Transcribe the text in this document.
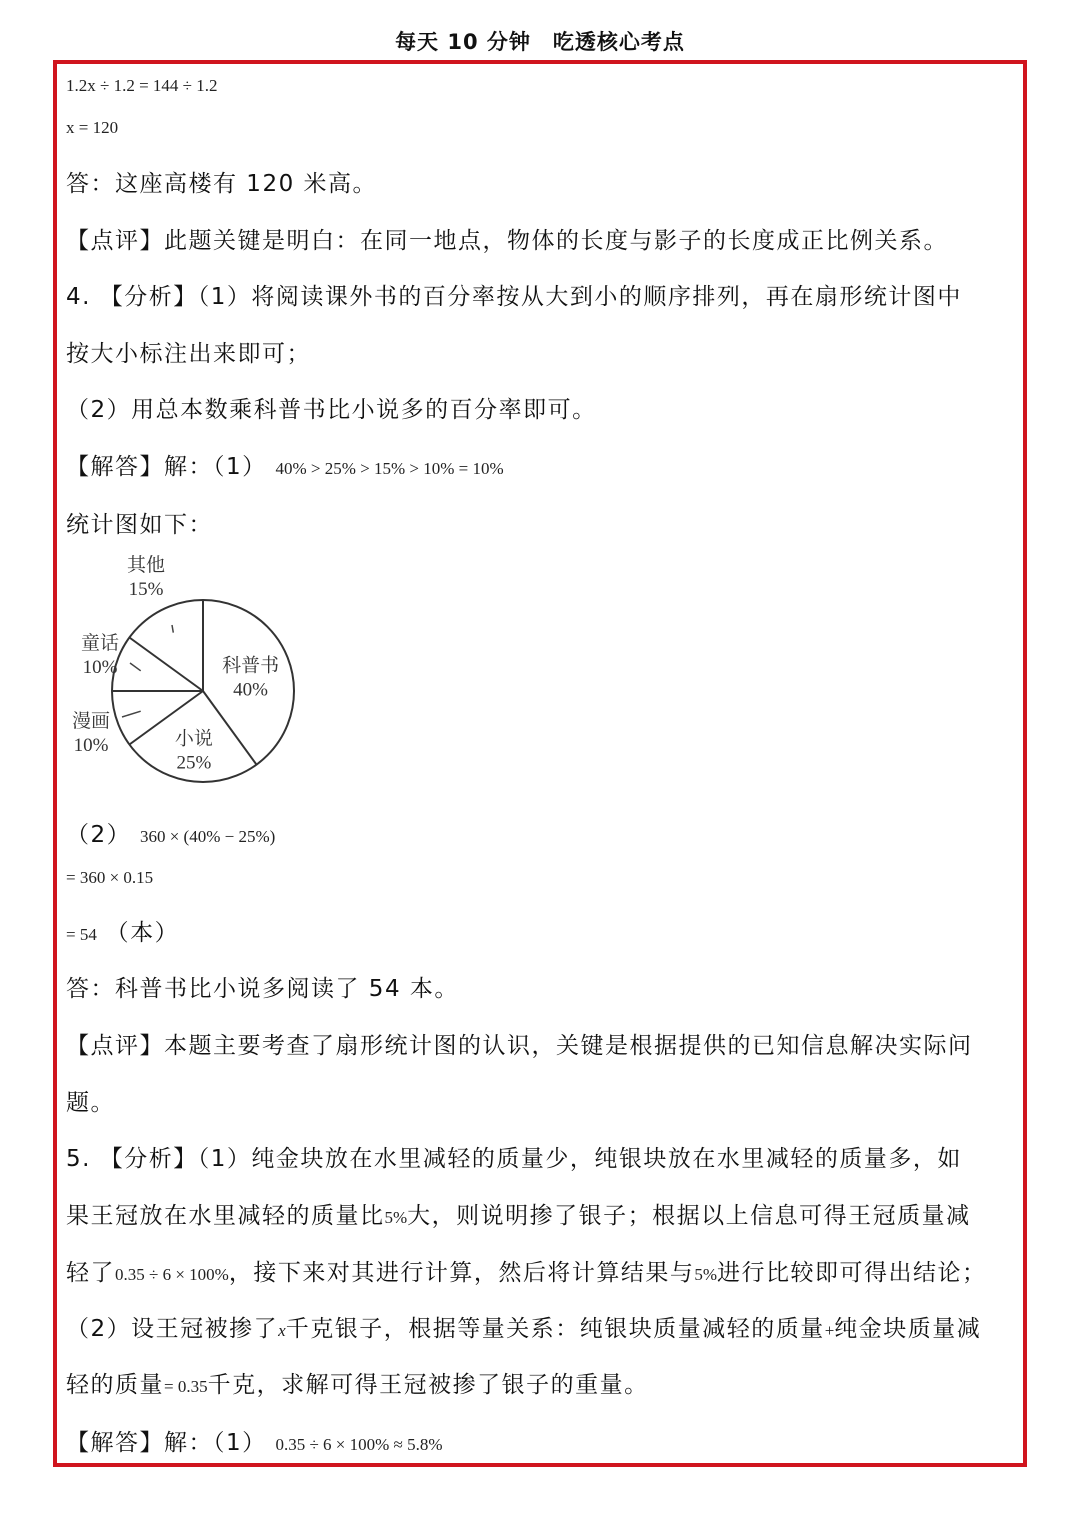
每天 10 分钟　吃透核心考点
1.2x ÷ 1.2 = 144 ÷ 1.2
x = 120
答：这座高楼有 120 米高。
【点评】此题关键是明白：在同一地点，物体的长度与影子的长度成正比例关系。
4. 【分析】（1）将阅读课外书的百分率按从大到小的顺序排列，再在扇形统计图中
按大小标注出来即可；
（2）用总本数乘科普书比小说多的百分率即可。
【解答】解：（1） 40% > 25% > 15% > 10% = 10%
统计图如下：
科普书
40%
小说
25%
漫画
10%
童话
10%
其他
15%
（2） 360 × (40% − 25%)
= 360 × 0.15
= 54 （本）
答：科普书比小说多阅读了 54 本。
【点评】本题主要考查了扇形统计图的认识，关键是根据提供的已知信息解决实际问
题。
5. 【分析】（1）纯金块放在水里减轻的质量少，纯银块放在水里减轻的质量多，如
果王冠放在水里减轻的质量比5%大，则说明掺了银子；根据以上信息可得王冠质量减
轻了0.35 ÷ 6 × 100%，接下来对其进行计算，然后将计算结果与5%进行比较即可得出结论；
（2）设王冠被掺了x千克银子，根据等量关系：纯银块质量减轻的质量+纯金块质量减
轻的质量= 0.35千克，求解可得王冠被掺了银子的重量。
【解答】解：（1） 0.35 ÷ 6 × 100% ≈ 5.8%
